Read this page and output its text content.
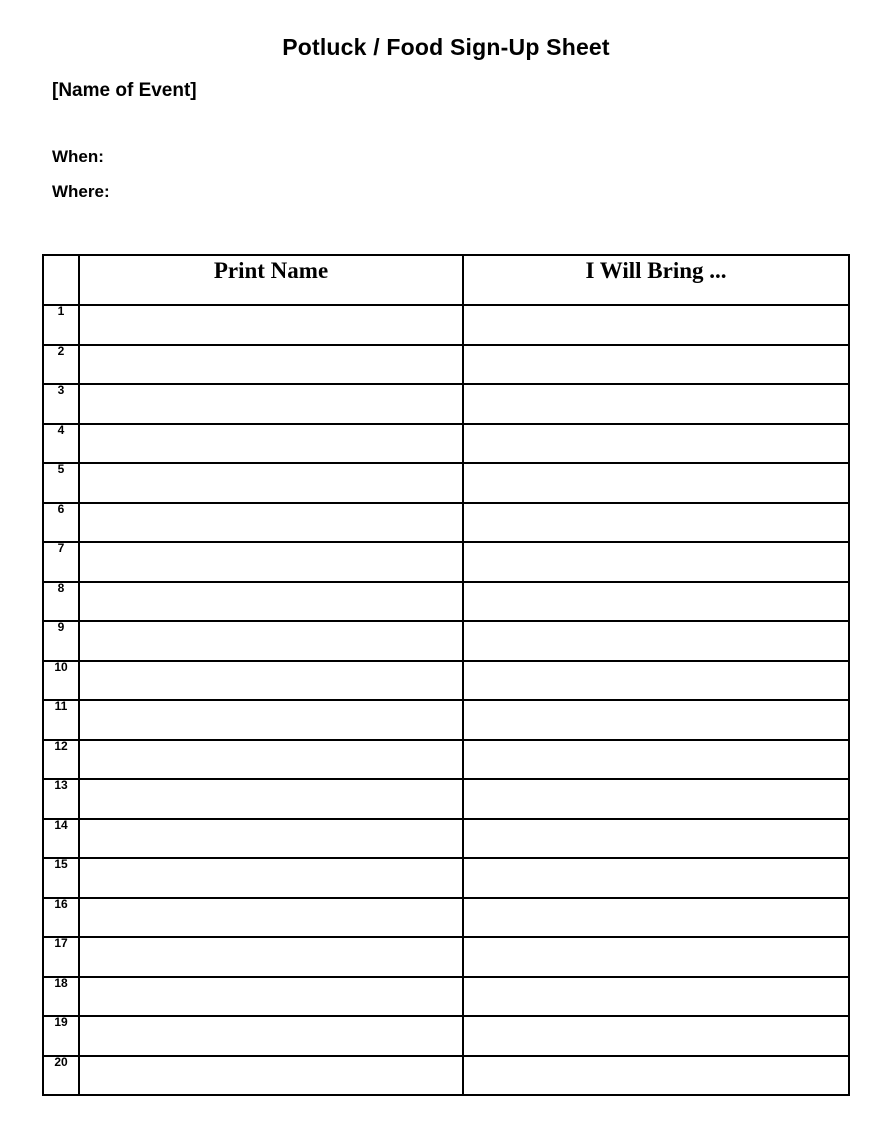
Potluck / Food Sign-Up Sheet
[Name of Event]
When:
Where:
	Print Name	I Will Bring ...
1		
2		
3		
4		
5		
6		
7		
8		
9		
10		
11		
12		
13		
14		
15		
16		
17		
18		
19		
20		
